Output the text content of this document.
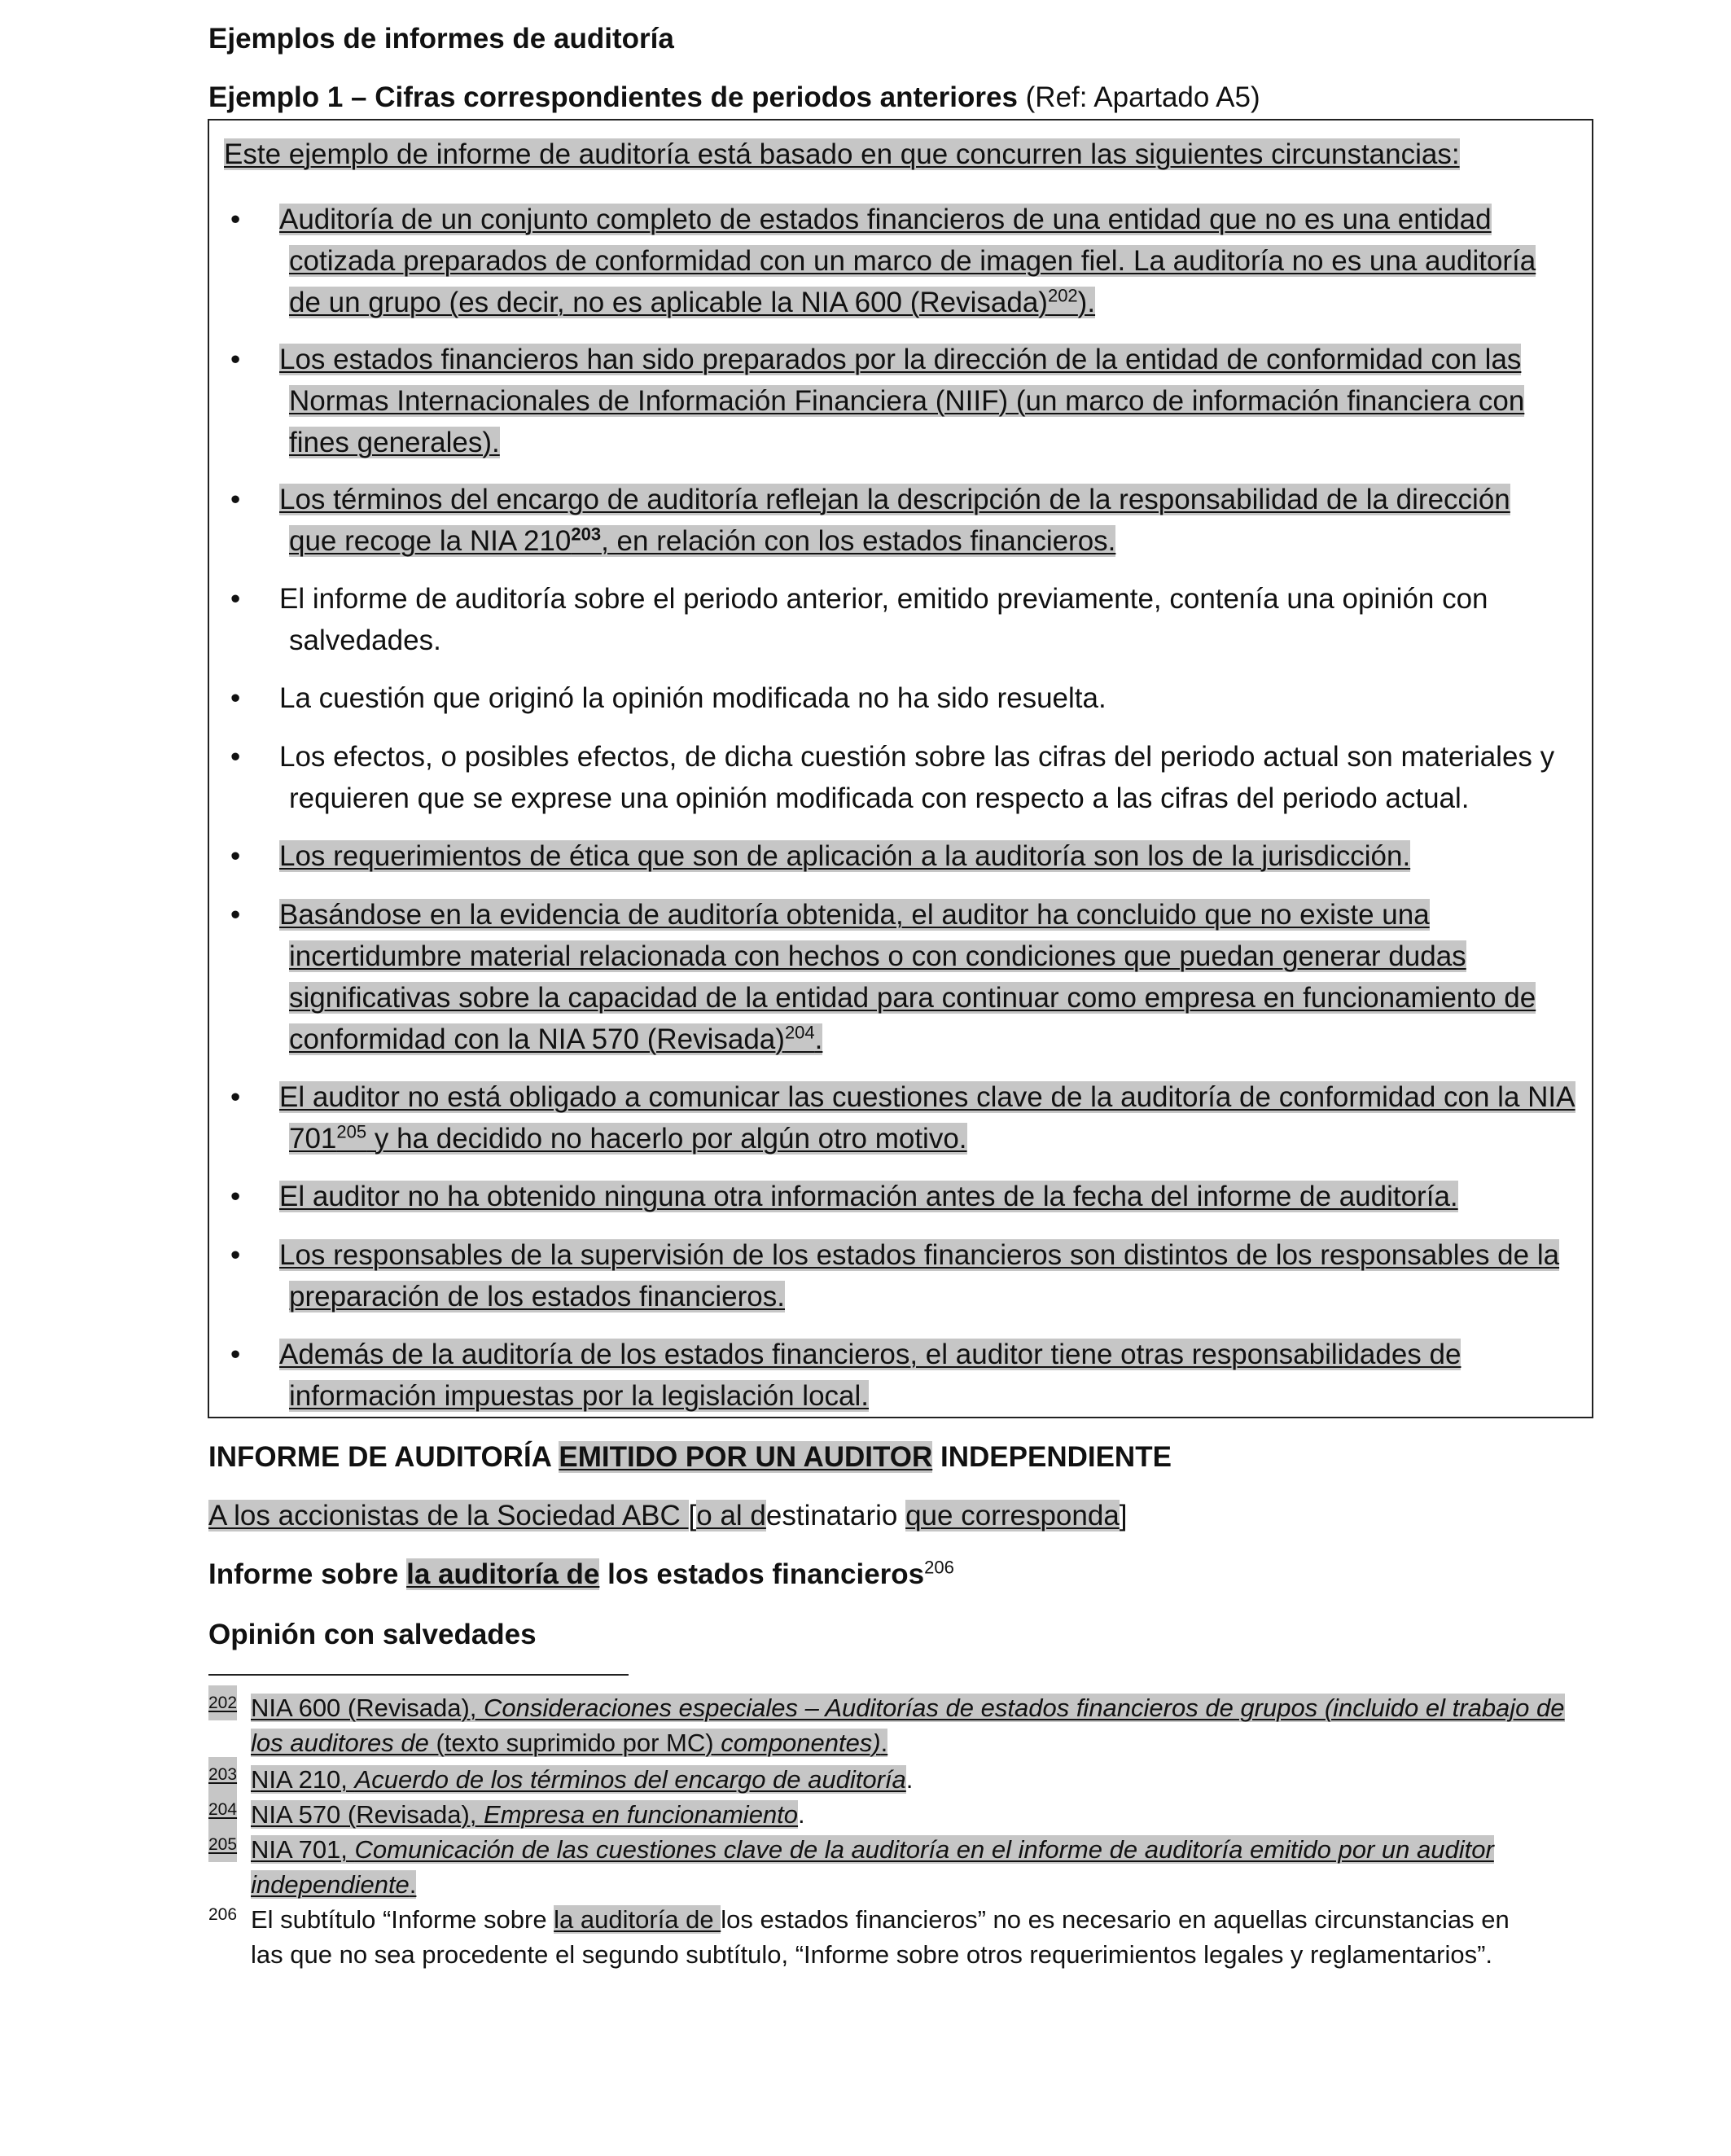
Ejemplos de informes de auditoría
Ejemplo 1 – Cifras correspondientes de periodos anteriores (Ref: Apartado A5)
Este ejemplo de informe de auditoría está basado en que concurren las siguientes circunstancias:
• Auditoría de un conjunto completo de estados financieros de una entidad que no es una entidad

cotizada preparados de conformidad con un marco de imagen fiel. La auditoría no es una auditoría
de un grupo (es decir, no es aplicable la NIA 600 (Revisada)$^{202}$).
• Los estados financieros han sido preparados por la dirección de la entidad de conformidad con las

Normas Internacionales de Información Financiera (NIIF) (un marco de información financiera con
fines generales).
• Los términos del encargo de auditoría reflejan la descripción de la responsabilidad de la dirección

que recoge la NIA $210^{203}$, en relación con los estados financieros.
• El informe de auditoría sobre el periodo anterior, emitido previamente, contenía una opinión con

salvedades.
• La cuestión que originó la opinión modificada no ha sido resuelta.
• Los efectos, o posibles efectos, de dicha cuestión sobre las cifras del periodo actual son materiales y

requieren que se exprese una opinión modificada con respecto a las cifras del periodo actual.
• Los requerimientos de ética que son de aplicación a la auditoría son los de la jurisdicción.
• Basándose en la evidencia de auditoría obtenida, el auditor ha concluido que no existe una

incertidumbre material relacionada con hechos o con condiciones que puedan generar dudas
significativas sobre la capacidad de la entidad para continuar como empresa en funcionamiento de
conformidad con la NIA 570 (Revisada)$^{204}$.
• El auditor no está obligado a comunicar las cuestiones clave de la auditoría de conformidad con la NIA

$701^{205}$ y ha decidido no hacerlo por algún otro motivo.
• El auditor no ha obtenido ninguna otra información antes de la fecha del informe de auditoría.
• Los responsables de la supervisión de los estados financieros son distintos de los responsables de la

preparación de los estados financieros.
• Además de la auditoría de los estados financieros, el auditor tiene otras responsabilidades de

información impuestas por la legislación local.
INFORME DE AUDITORÍA EMITIDO POR UN AUDITOR INDEPENDIENTE
A los accionistas de la Sociedad ABC [o al destinatario que corresponda]
Informe sobre la auditoría de los estados financieros$^{206}$
Opinión con salvedades
202 NIA 600 (Revisada), Consideraciones especiales – Auditorías de estados financieros de grupos (incluido el trabajo de los auditores de (texto suprimido por MC) componentes).
203 NIA 210, Acuerdo de los términos del encargo de auditoría.
204 NIA 570 (Revisada), Empresa en funcionamiento.
205 NIA 701, Comunicación de las cuestiones clave de la auditoría en el informe de auditoría emitido por un auditor independiente.
206 El subtítulo “Informe sobre la auditoría de los estados financieros” no es necesario en aquellas circunstancias en
las que no sea procedente el segundo subtítulo, “Informe sobre otros requerimientos legales y reglamentarios”.
